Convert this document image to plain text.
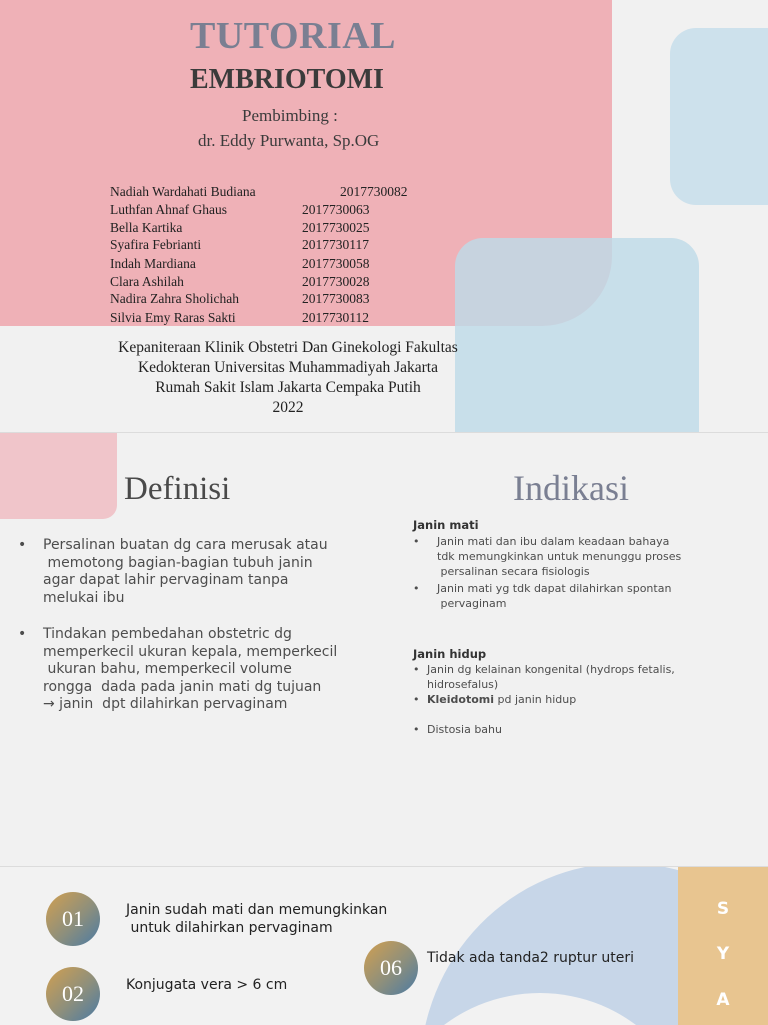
TUTORIAL
EMBRIOTOMI
Pembimbing :
dr. Eddy Purwanta, Sp.OG
Nadiah Wardahati Budiana	2017730082
Luthfan Ahnaf Ghaus	2017730063
Bella Kartika	2017730025
Syafira Febrianti	2017730117
Indah Mardiana	2017730058
Clara Ashilah	2017730028
Nadira Zahra Sholichah	2017730083
Silvia Emy Raras Sakti	2017730112
Kepaniteraan Klinik Obstetri Dan Ginekologi Fakultas
Kedokteran Universitas Muhammadiyah Jakarta
Rumah Sakit Islam Jakarta Cempaka Putih
2022
Definisi	Indikasi
• Persalinan buatan dg cara merusak atau
memotong bagian-bagian tubuh janin
agar dapat lahir pervaginam tanpa
melukai ibu
• Tindakan pembedahan obstetric dg
memperkecil ukuran kepala, memperkecil
ukuran bahu, memperkecil volume
rongga  dada pada janin mati dg tujuan
→ janin  dpt dilahirkan pervaginam
Janin mati
• Janin mati dan ibu dalam keadaan bahaya
tdk memungkinkan untuk menunggu proses
persalinan secara fisiologis
• Janin mati yg tdk dapat dilahirkan spontan
pervaginam
Janin hidup
• Janin dg kelainan kongenital (hydrops fetalis,
hidrosefalus)
• Kleidotomi pd janin hidup
• Distosia bahu
S
Y
A
01	Janin sudah mati dan memungkinkan
untuk dilahirkan pervaginam
02	Konjugata vera > 6 cm
06	Tidak ada tanda2 ruptur uteri
